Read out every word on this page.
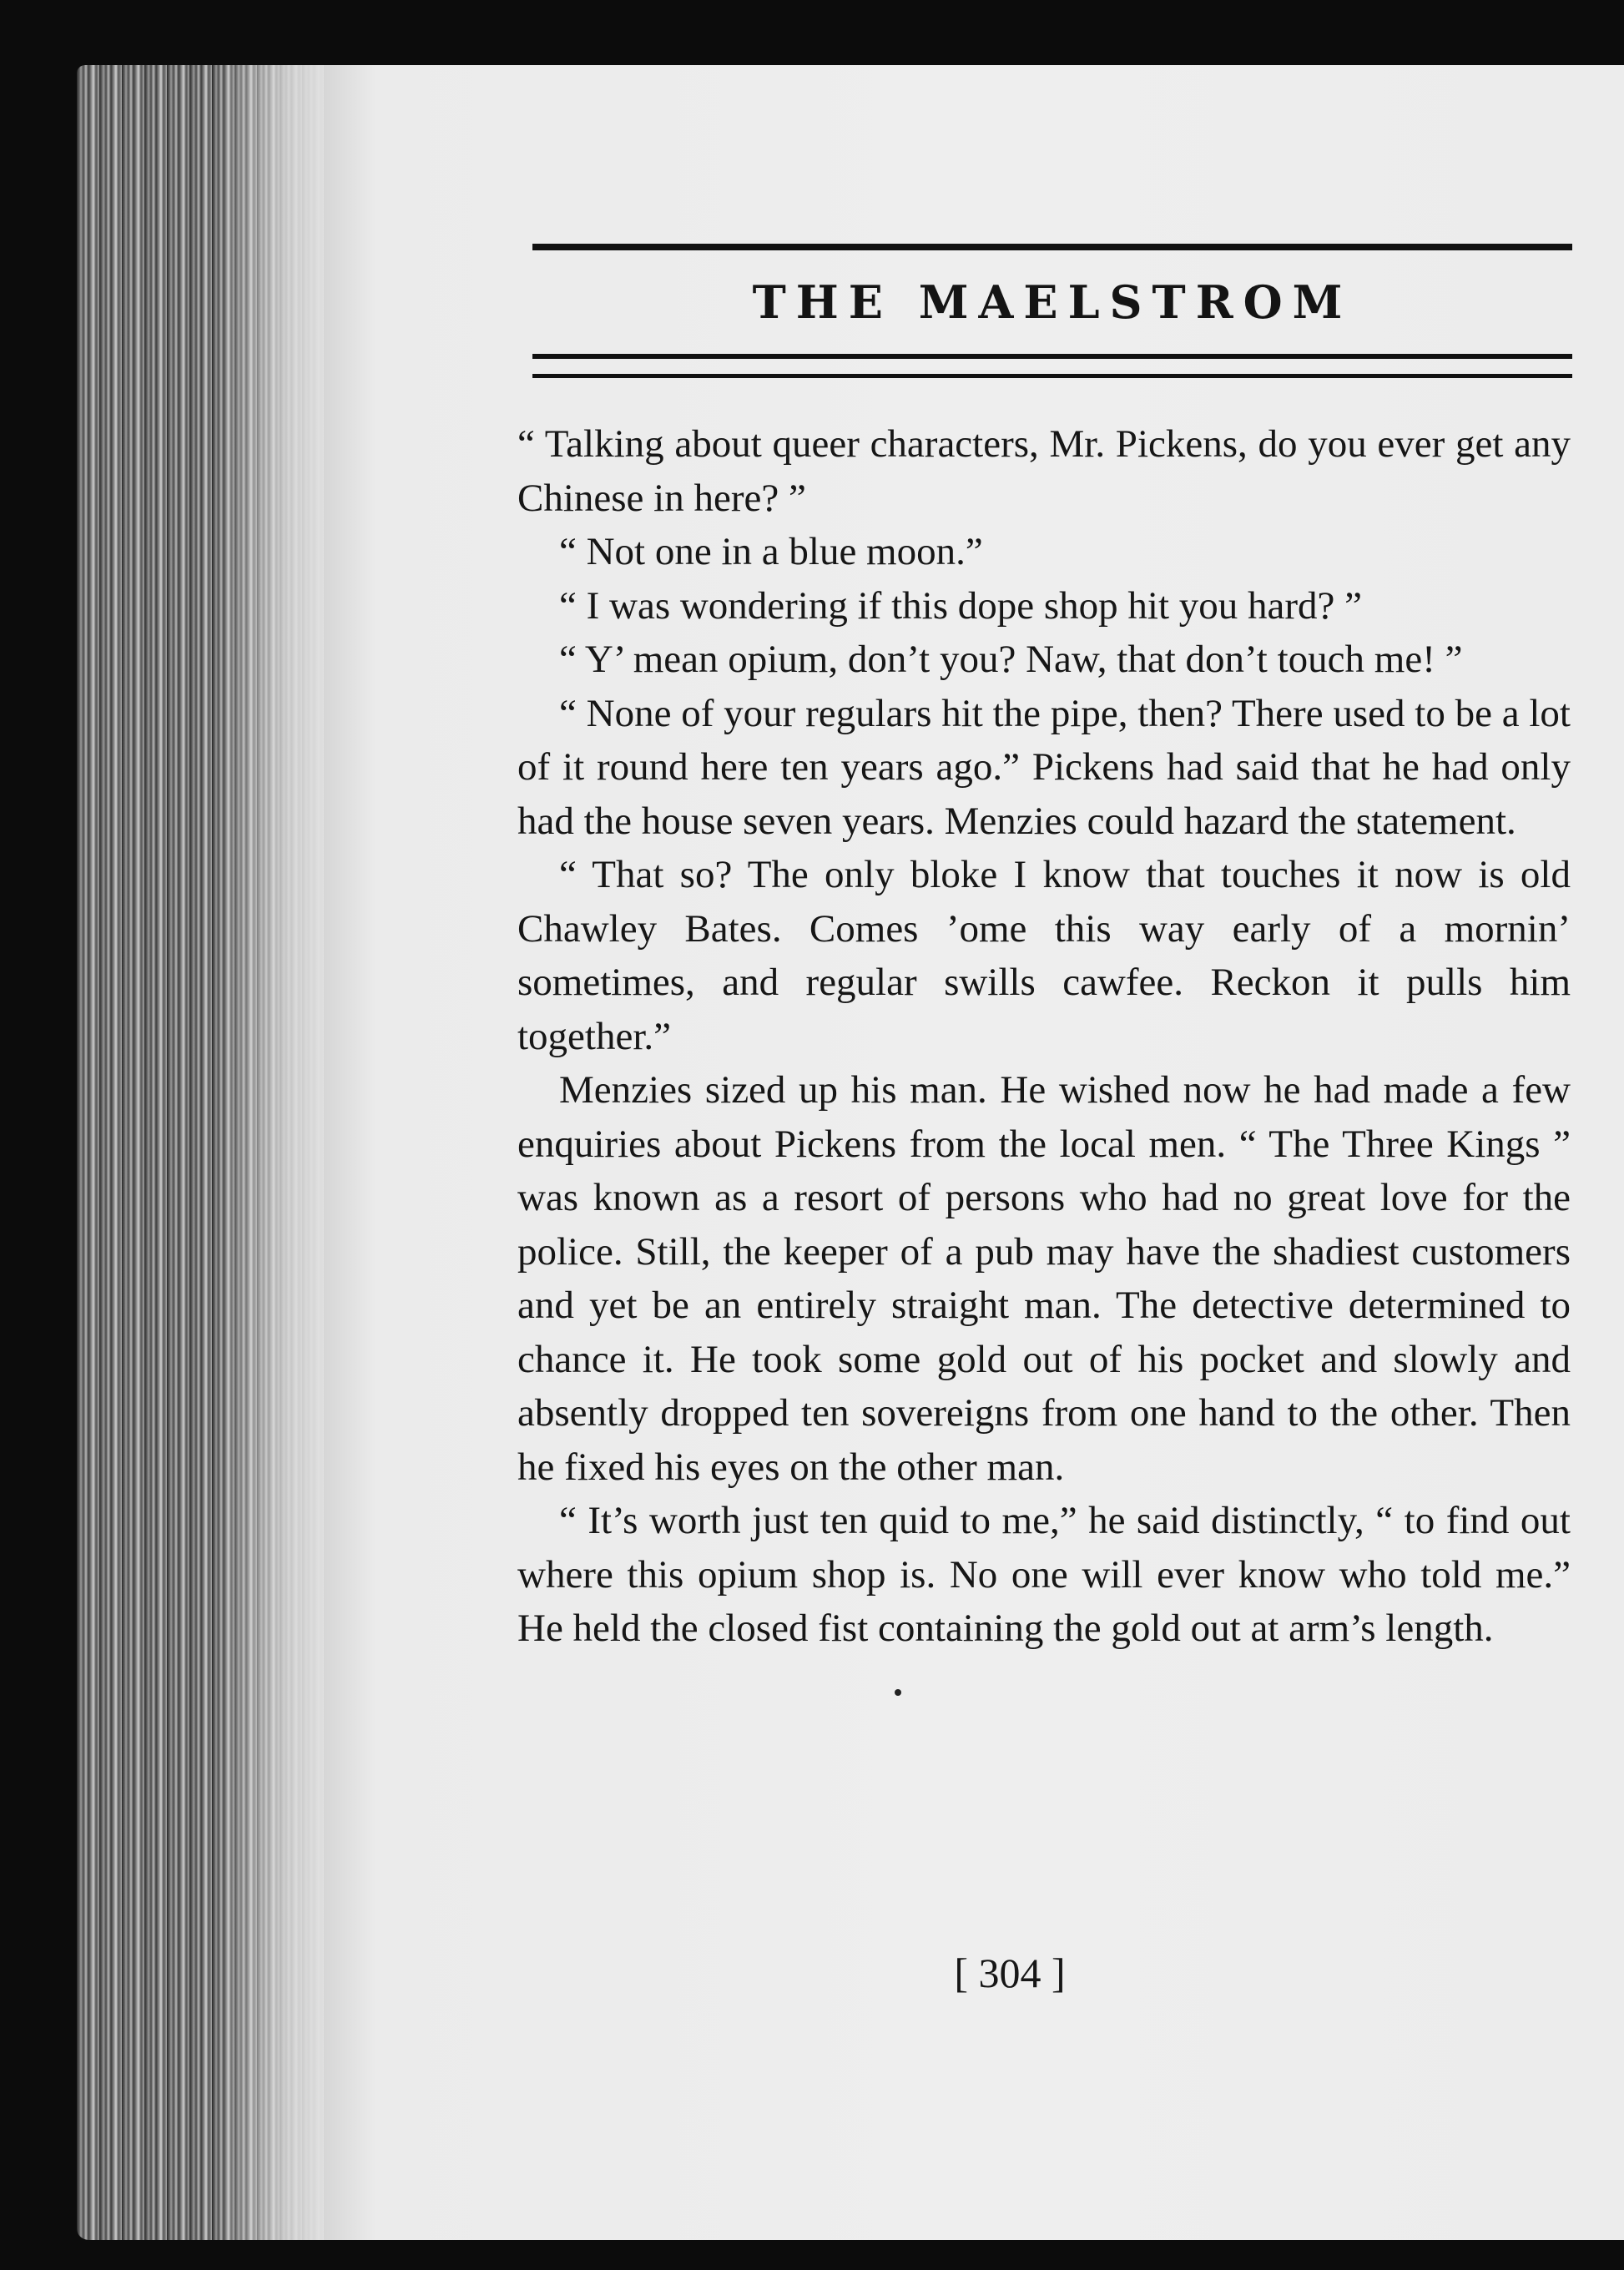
THE MAELSTROM

“ Talking about queer characters, Mr. Pickens, do you ever get any Chinese in here? ”

“ Not one in a blue moon.”

“ I was wondering if this dope shop hit you hard? ”

“ Y’ mean opium, don’t you? Naw, that don’t touch me! ”

“ None of your regulars hit the pipe, then? There used to be a lot of it round here ten years ago.” Pickens had said that he had only had the house seven years. Menzies could hazard the statement.

“ That so? The only bloke I know that touches it now is old Chawley Bates. Comes ’ome this way early of a mornin’ sometimes, and regular swills cawfee. Reckon it pulls him together.”

Menzies sized up his man. He wished now he had made a few enquiries about Pickens from the local men. “ The Three Kings ” was known as a resort of persons who had no great love for the police. Still, the keeper of a pub may have the shadiest customers and yet be an entirely straight man. The detective determined to chance it. He took some gold out of his pocket and slowly and absently dropped ten sovereigns from one hand to the other. Then he fixed his eyes on the other man.

“ It’s worth just ten quid to me,” he said distinctly, “ to find out where this opium shop is. No one will ever know who told me.” He held the closed fist containing the gold out at arm’s length.

[ 304 ]
